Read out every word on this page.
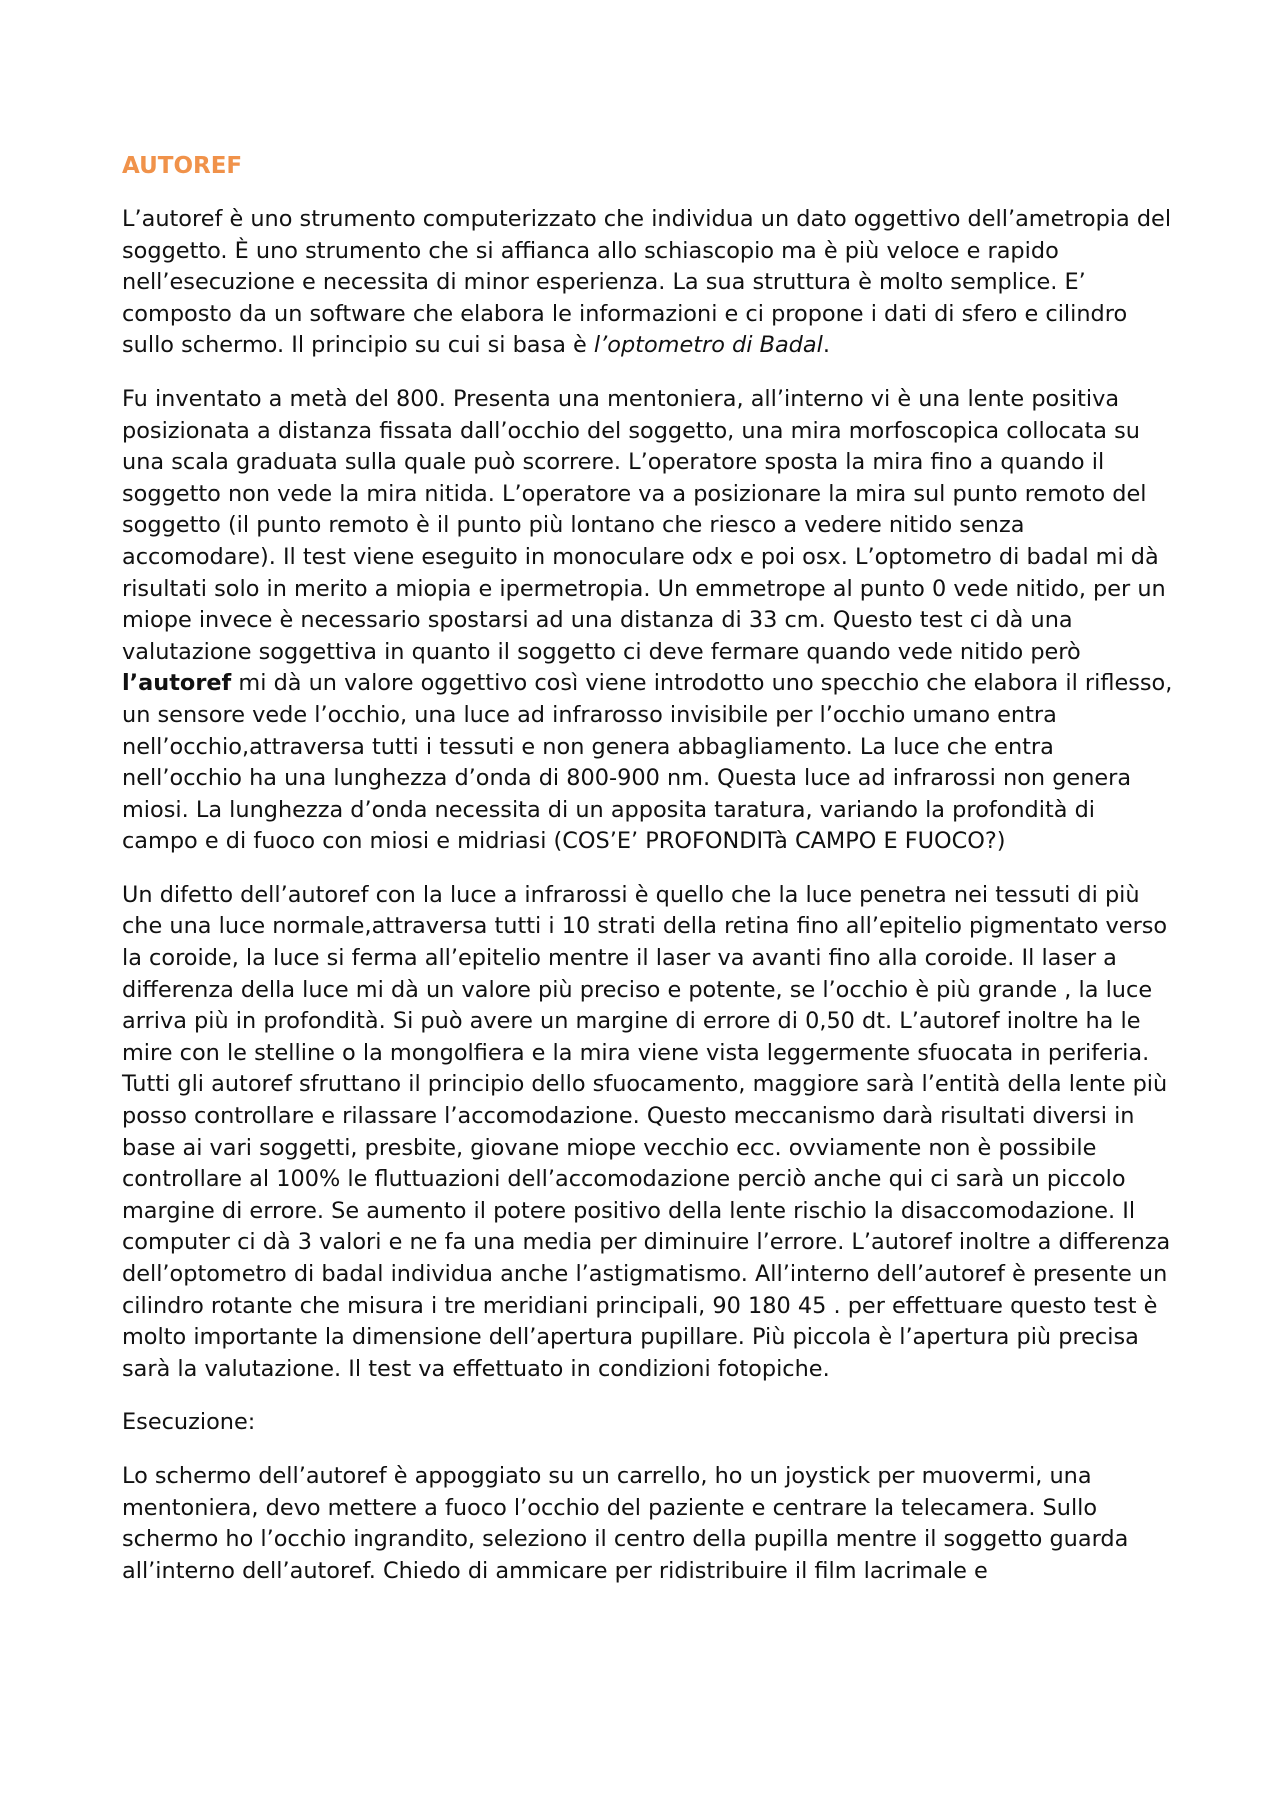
AUTOREF

L’autoref è uno strumento computerizzato che individua un dato oggettivo dell’ametropia del soggetto. È uno strumento che si affianca allo schiascopio ma è più veloce e rapido nell’esecuzione e necessita di minor esperienza. La sua struttura è molto semplice. E’ composto da un software che elabora le informazioni e ci propone i dati di sfero e cilindro sullo schermo. Il principio su cui si basa è l’optometro di Badal.

Fu inventato a metà del 800. Presenta una mentoniera, all’interno vi è una lente positiva posizionata a distanza fissata dall’occhio del soggetto, una mira morfoscopica collocata su una scala graduata sulla quale può scorrere. L’operatore sposta la mira fino a quando il soggetto non vede la mira nitida. L’operatore va a posizionare la mira sul punto remoto del soggetto (il punto remoto è il punto più lontano che riesco a vedere nitido senza accomodare). Il test viene eseguito in monoculare odx e poi osx. L’optometro di badal mi dà risultati solo in merito a miopia e ipermetropia. Un emmetrope al punto 0 vede nitido, per un miope invece è necessario spostarsi ad una distanza di 33 cm. Questo test ci dà una valutazione soggettiva in quanto il soggetto ci deve fermare quando vede nitido però l’autoref mi dà un valore oggettivo così viene introdotto uno specchio che elabora il riflesso, un sensore vede l’occhio, una luce ad infrarosso invisibile per l’occhio umano entra nell’occhio,attraversa tutti i tessuti e non genera abbagliamento. La luce che entra nell’occhio ha una lunghezza d’onda di 800-900 nm. Questa luce ad infrarossi non genera miosi. La lunghezza d’onda necessita di un apposita taratura, variando la profondità di campo e di fuoco con miosi e midriasi (COS’E’ PROFONDITà CAMPO E FUOCO?)

Un difetto dell’autoref con la luce a infrarossi è quello che la luce penetra nei tessuti di più che una luce normale,attraversa tutti i 10 strati della retina fino all’epitelio pigmentato verso la coroide, la luce si ferma all’epitelio mentre il laser va avanti fino alla coroide. Il laser a differenza della luce mi dà un valore più preciso e potente, se l’occhio è più grande , la luce arriva più in profondità. Si può avere un margine di errore di 0,50 dt. L’autoref inoltre ha le mire con le stelline o la mongolfiera e la mira viene vista leggermente sfuocata in periferia. Tutti gli autoref sfruttano il principio dello sfuocamento, maggiore sarà l’entità della lente più posso controllare e rilassare l’accomodazione. Questo meccanismo darà risultati diversi in base ai vari soggetti, presbite, giovane miope vecchio ecc. ovviamente non è possibile controllare al 100% le fluttuazioni dell’accomodazione perciò anche qui ci sarà un piccolo margine di errore. Se aumento il potere positivo della lente rischio la disaccomodazione. Il computer ci dà 3 valori e ne fa una media per diminuire l’errore. L’autoref inoltre a differenza dell’optometro di badal individua anche l’astigmatismo. All’interno dell’autoref è presente un cilindro rotante che misura i tre meridiani principali, 90 180 45 . per effettuare questo test è molto importante la dimensione dell’apertura pupillare. Più piccola è l’apertura più precisa sarà la valutazione. Il test va effettuato in condizioni fotopiche.

Esecuzione:

Lo schermo dell’autoref è appoggiato su un carrello, ho un joystick per muovermi, una mentoniera, devo mettere a fuoco l’occhio del paziente e centrare la telecamera. Sullo schermo ho l’occhio ingrandito, seleziono il centro della pupilla mentre il soggetto guarda all’interno dell’autoref. Chiedo di ammicare per ridistribuire il film lacrimale e
